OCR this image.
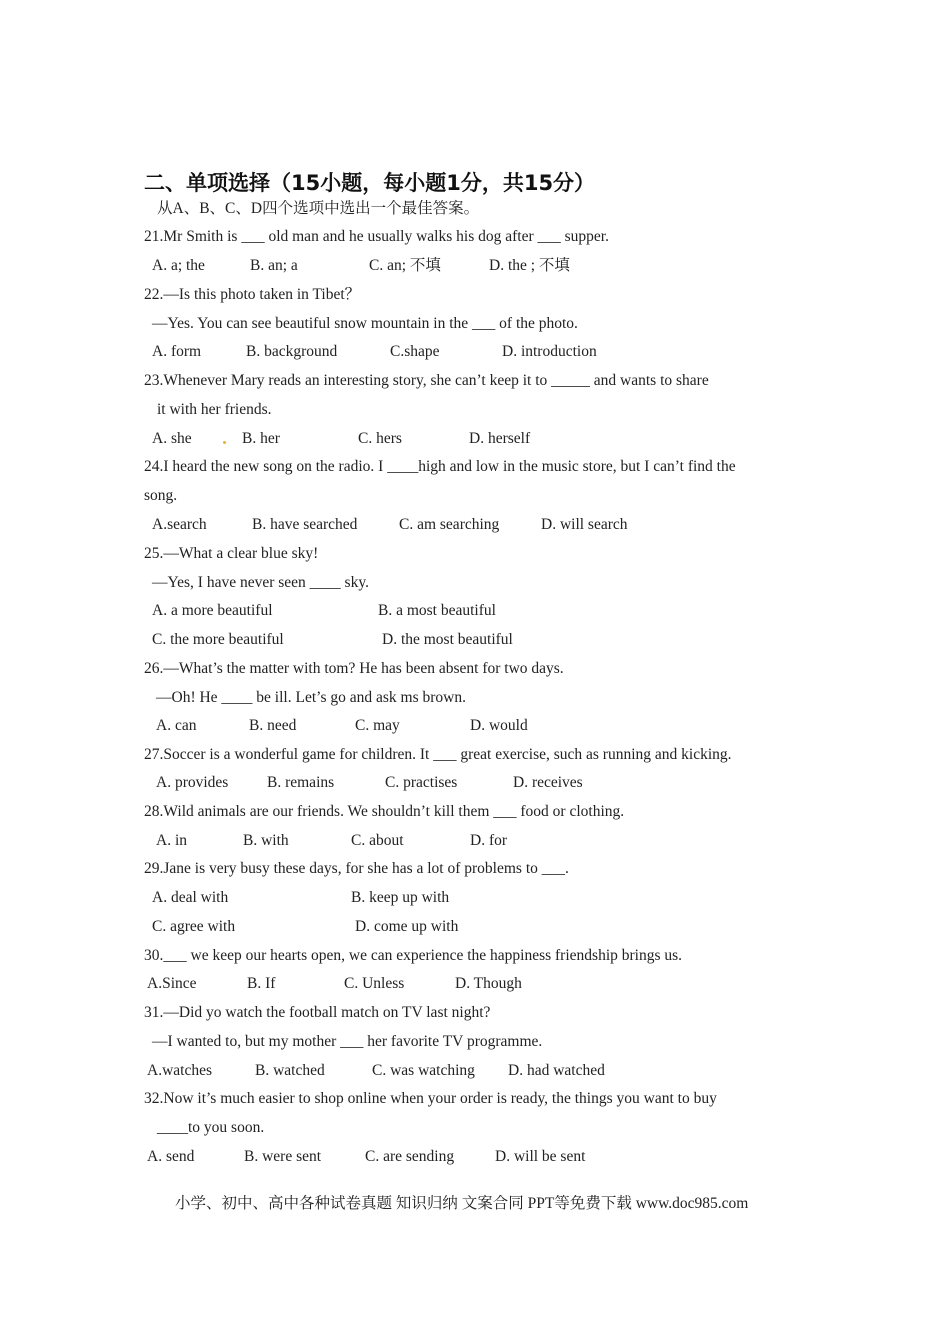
二、单项选择（15小题，每小题1分，共15分）
从A、B、C、D四个选项中选出一个最佳答案。
21.Mr Smith is ___ old man and he usually walks his dog after ___ supper.
A. a; the	B. an; a	C. an; 不填	D. the ; 不填
22.—Is this photo taken in Tibet？
—Yes. You can see beautiful snow mountain in the ___ of the photo.
A. form	B. background	C.shape	D. introduction
23.Whenever Mary reads an interesting story, she can’t keep it to _____ and wants to share
it with her friends.
A. she	B. her	C. hers	D. herself
24.I heard the new song on the radio. I ____high and low in the music store, but I can’t find the
song.
A.search	B. have searched	C. am searching	D. will search
25.—What a clear blue sky!
—Yes, I have never seen ____ sky.
A. a more beautiful	B. a most beautiful
C. the more beautiful	D. the most beautiful
26.—What’s the matter with tom? He has been absent for two days.
—Oh! He ____ be ill. Let’s go and ask ms brown.
A. can	B. need	C. may	D. would
27.Soccer is a wonderful game for children. It ___ great exercise, such as running and kicking.
A. provides B. remains	C. practises	D. receives
28.Wild animals are our friends. We shouldn’t kill them ___ food or clothing.
A. in	B. with	C. about	D. for
29.Jane is very busy these days, for she has a lot of problems to ___.
A. deal with	B. keep up with
C. agree with	D. come up with
30.___ we keep our hearts open, we can experience the happiness friendship brings us.
A.Since	B. If	C. Unless	D. Though
31.—Did yo watch the football match on TV last night?
—I wanted to, but my mother ___ her favorite TV programme.
A.watches	B. watched	C. was watching D. had watched
32.Now it’s much easier to shop online when your order is ready, the things you want to buy
____to you soon.
A. send	B. were sent	C. are sending	D. will be sent
小学、初中、高中各种试卷真题 知识归纳 文案合同 PPT等免费下载 www.doc985.com
